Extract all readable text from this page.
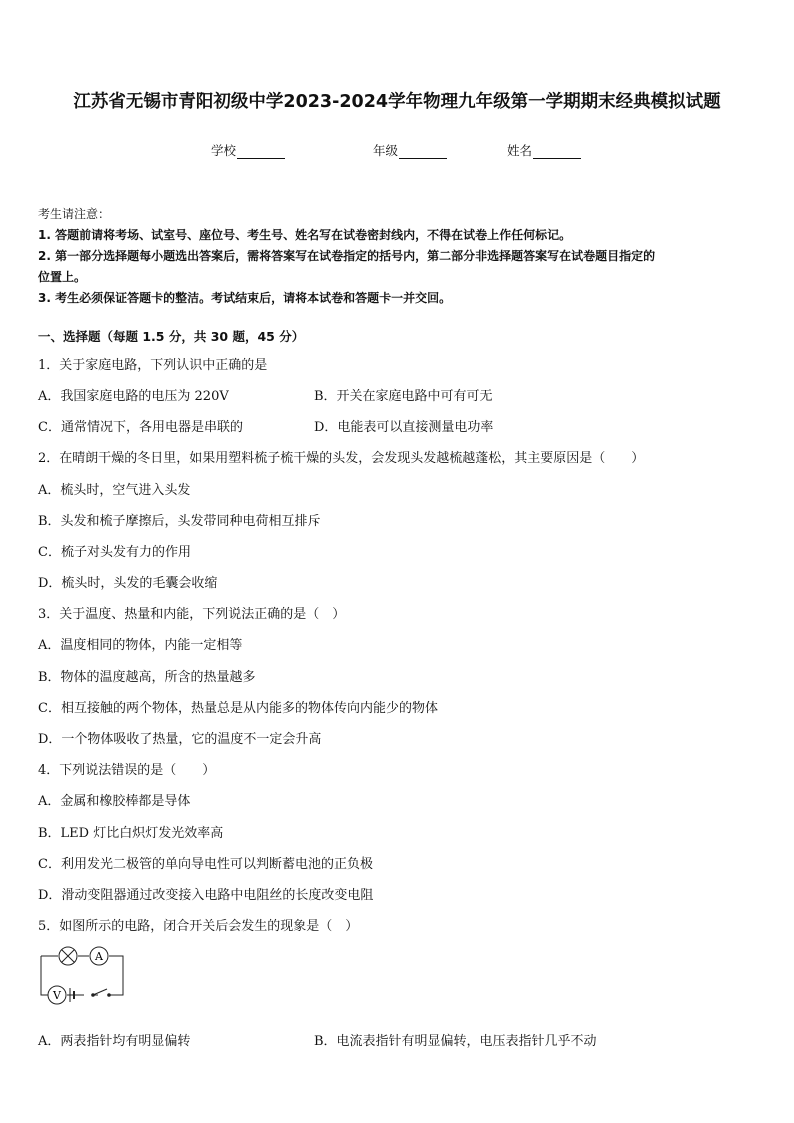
江苏省无锡市青阳初级中学2023-2024学年物理九年级第一学期期末经典模拟试题
学校	年级	姓名
考生请注意：
1. 答题前请将考场、试室号、座位号、考生号、姓名写在试卷密封线内，不得在试卷上作任何标记。
2. 第一部分选择题每小题选出答案后，需将答案写在试卷指定的括号内，第二部分非选择题答案写在试卷题目指定的
位置上。
3. 考生必须保证答题卡的整洁。考试结束后，请将本试卷和答题卡一并交回。
一、选择题（每题 1.5 分，共 30 题，45 分）
1．关于家庭电路，下列认识中正确的是
A．我国家庭电路的电压为 220V	B．开关在家庭电路中可有可无
C．通常情况下，各用电器是串联的	D．电能表可以直接测量电功率
2．在晴朗干燥的冬日里，如果用塑料梳子梳干燥的头发，会发现头发越梳越蓬松，其主要原因是（　　）
A．梳头时，空气进入头发
B．头发和梳子摩擦后，头发带同种电荷相互排斥
C．梳子对头发有力的作用
D．梳头时，头发的毛囊会收缩
3．关于温度、热量和内能，下列说法正确的是（　）
A．温度相同的物体，内能一定相等
B．物体的温度越高，所含的热量越多
C．相互接触的两个物体，热量总是从内能多的物体传向内能少的物体
D．一个物体吸收了热量，它的温度不一定会升高
4．下列说法错误的是（　　）
A．金属和橡胶棒都是导体
B．LED 灯比白炽灯发光效率高
C．利用发光二极管的单向导电性可以判断蓄电池的正负极
D．滑动变阻器通过改变接入电路中电阻丝的长度改变电阻
5．如图所示的电路，闭合开关后会发生的现象是（　）
A
V
A．两表指针均有明显偏转	B．电流表指针有明显偏转，电压表指针几乎不动
